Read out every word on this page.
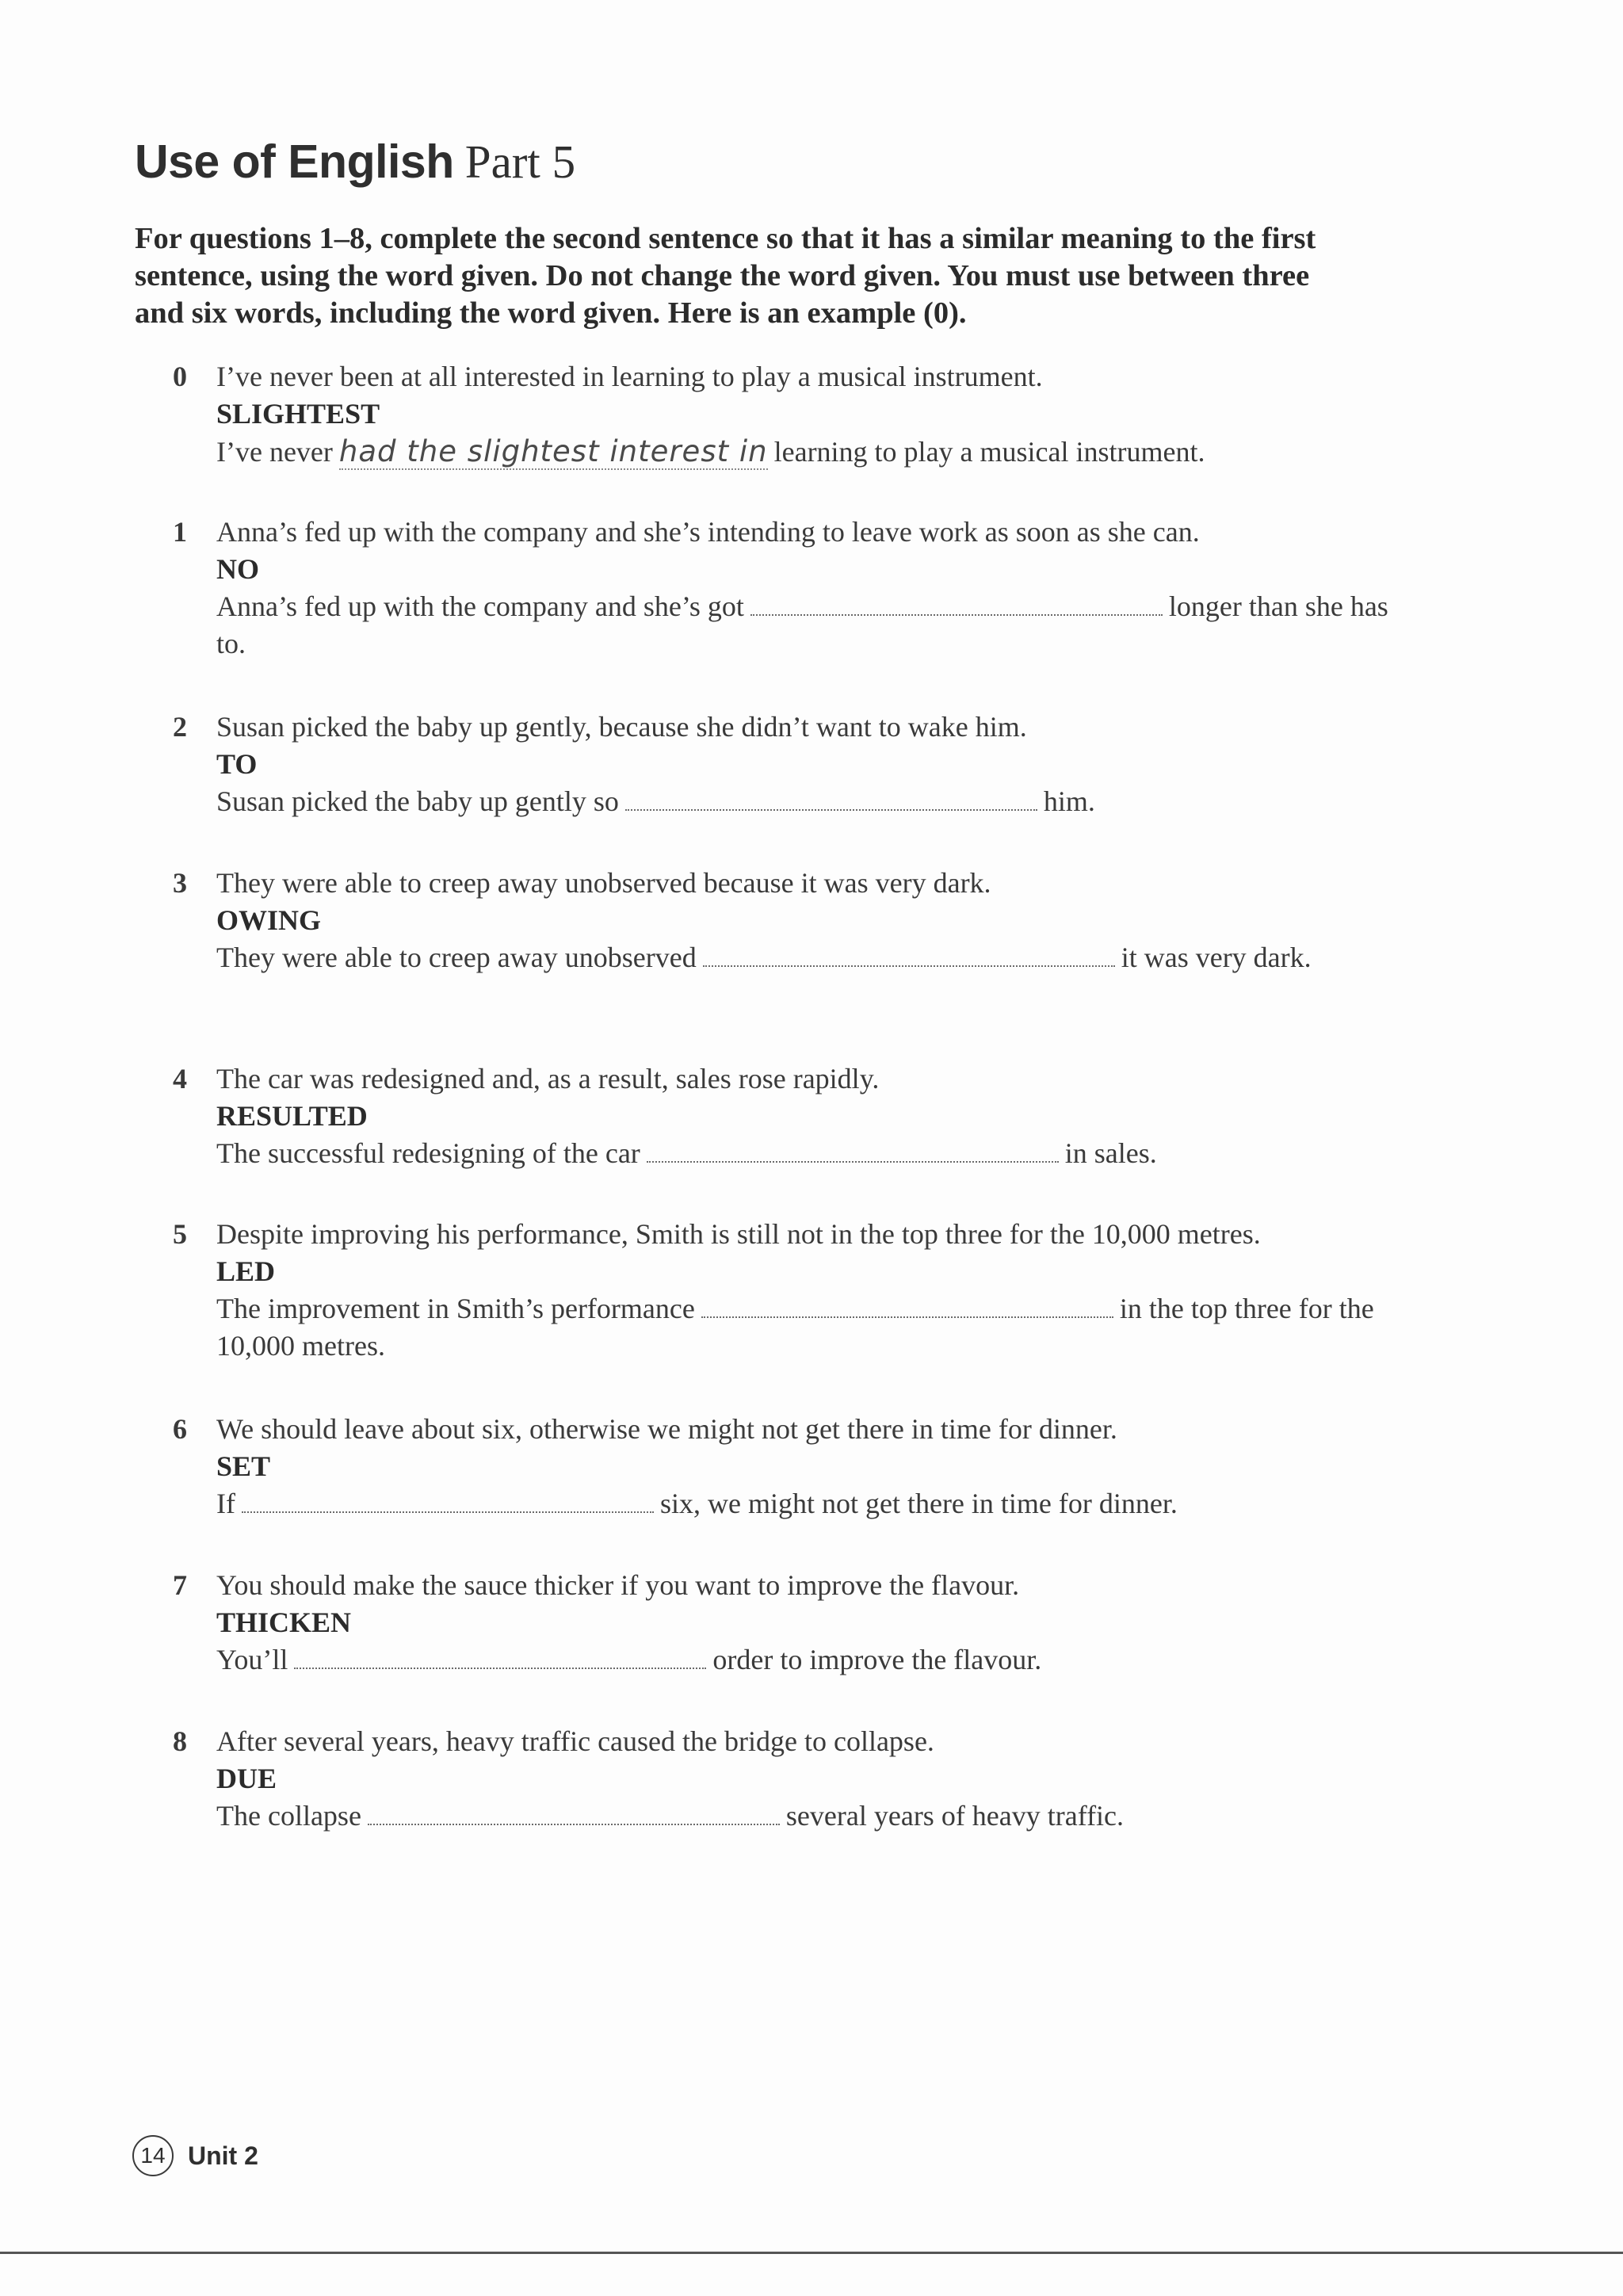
Use of English Part 5

For questions 1–8, complete the second sentence so that it has a similar meaning to the first sentence, using the word given. Do not change the word given. You must use between three and six words, including the word given. Here is an example (0).

0 I’ve never been at all interested in learning to play a musical instrument.

SLIGHTEST

I’ve never had the slightest interest in learning to play a musical instrument.

1 Anna’s fed up with the company and she’s intending to leave work as soon as she can.

NO

Anna’s fed up with the company and she’s got	longer than she has to.

2 Susan picked the baby up gently, because she didn’t want to wake him.

TO

Susan picked the baby up gently so	him.

3 They were able to creep away unobserved because it was very dark.

OWING

They were able to creep away unobserved	it was very dark.

4 The car was redesigned and, as a result, sales rose rapidly.

RESULTED

The successful redesigning of the car	in sales.

5 Despite improving his performance, Smith is still not in the top three for the 10,000 metres.

LED

The improvement in Smith’s performance	in the top three for the 10,000 metres.

6 We should leave about six, otherwise we might not get there in time for dinner.

SET

If	six, we might not get there in time for dinner.

7 You should make the sauce thicker if you want to improve the flavour.

THICKEN

You’ll	order to improve the flavour.

8 After several years, heavy traffic caused the bridge to collapse.

DUE

The collapse	several years of heavy traffic.

14 Unit 2
